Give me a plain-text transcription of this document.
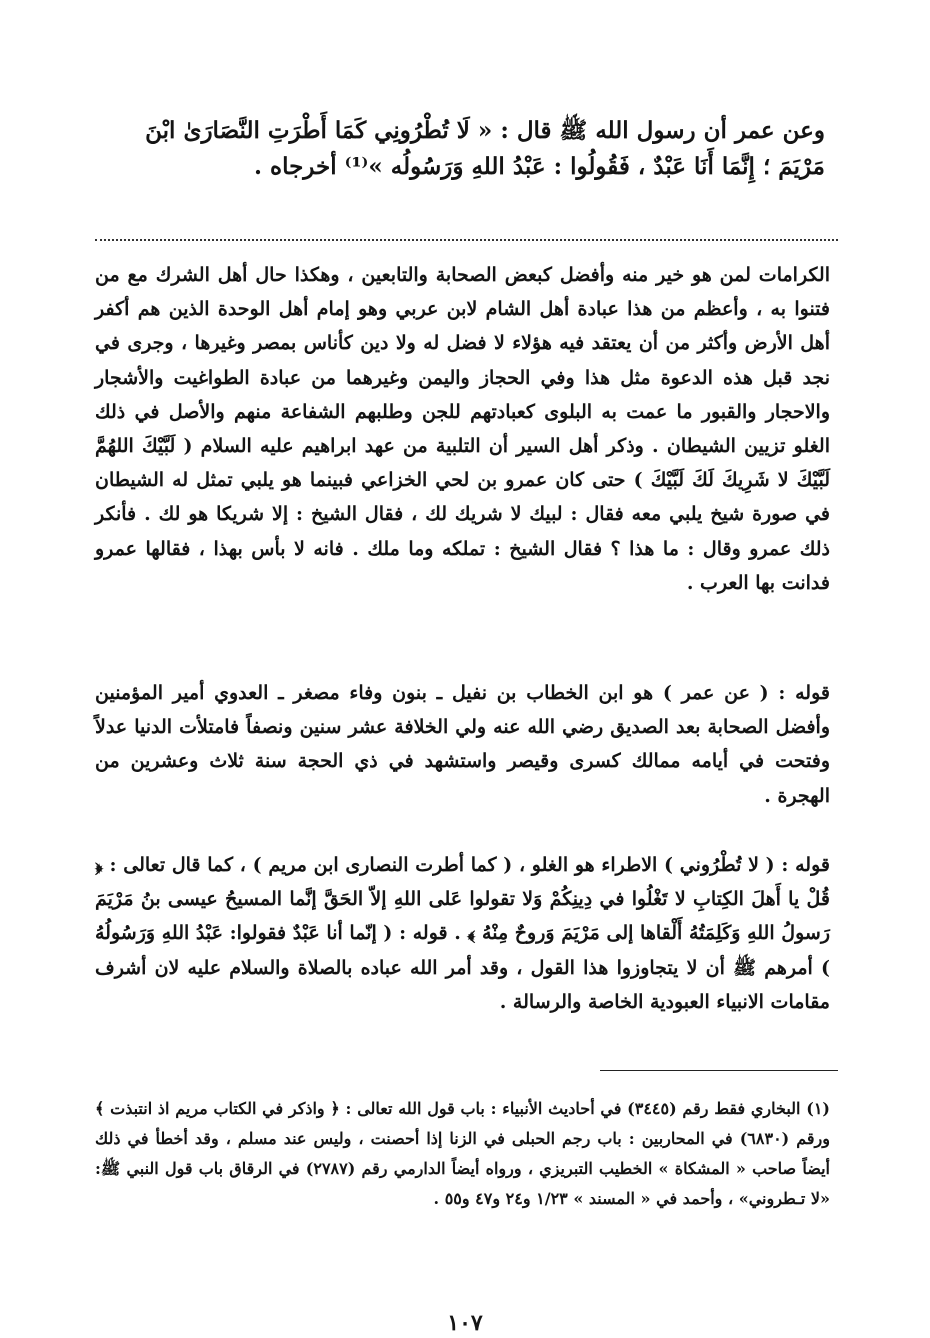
وعن عمر أن رسول الله ﷺ قال : « لَا تُطْرُونِي كَمَا أَطْرَتِ النَّصَارَىٰ ابْنَ

مَرْيَمَ ؛ إِنَّمَا أَنَا عَبْدٌ ، فَقُولُوا : عَبْدُ اللهِ وَرَسُولُه »⁽¹⁾ أخرجاه .

الكرامات لمن هو خير منه وأفضل كبعض الصحابة والتابعين ، وهكذا حال أهل الشرك مع من فتنوا به ، وأعظم من هذا عبادة أهل الشام لابن عربي وهو إمام أهل الوحدة الذين هم أكفر أهل الأرض وأكثر من أن يعتقد فيه هؤلاء لا فضل له ولا دين كأناس بمصر وغيرها ، وجرى في نجد قبل هذه الدعوة مثل هذا وفي الحجاز واليمن وغيرهما من عبادة الطواغيت والأشجار والاحجار والقبور ما عمت به البلوى كعبادتهم للجن وطلبهم الشفاعة منهم والأصل في ذلك الغلو تزيين الشيطان . وذكر أهل السير أن التلبية من عهد ابراهيم عليه السلام ( لَبَّيْكَ اللهُمَّ لَبَّيْكَ لا شَرِيكَ لَكَ لَبَّيْكَ ) حتى كان عمرو بن لحي الخزاعي فبينما هو يلبي تمثل له الشيطان في صورة شيخ يلبي معه فقال : لبيك لا شريك لك ، فقال الشيخ : إلا شريكا هو لك . فأنكر ذلك عمرو وقال : ما هذا ؟ فقال الشيخ : تملكه وما ملك . فانه لا بأس بهذا ، فقالها عمرو فدانت بها العرب .

قوله : ( عن عمر ) هو ابن الخطاب بن نفيل ـ بنون وفاء مصغر ـ العدوي أمير المؤمنين وأفضل الصحابة بعد الصديق رضي الله عنه ولي الخلافة عشر سنين ونصفاً فامتلأت الدنيا عدلاً وفتحت في أيامه ممالك كسرى وقيصر واستشهد في ذي الحجة سنة ثلاث وعشرين من الهجرة .

قوله : ( لا تُطْرُوني ) الاطراء هو الغلو ، ( كما أطرت النصارى ابن مريم ) ، كما قال تعالى : ﴿ قُلْ يا أَهلَ الكِتابِ لا تَغْلُوا في دِينِكُمْ وَلا تقولوا عَلى اللهِ إلاّ الحَقَّ إنَّما المسيحُ عيسى بنُ مَرْيَمَ رَسولُ اللهِ وَكَلِمَتُهُ أَلْقاها إلى مَرْيَمَ وَروحٌ مِنْهُ ﴾ . قوله : ( إنّما أنا عَبْدٌ فقولوا: عَبْدُ اللهِ وَرَسُولُهُ ) أمرهم ﷺ أن لا يتجاوزوا هذا القول ، وقد أمر الله عباده بالصلاة والسلام عليه لان أشرف مقامات الانبياء العبودية الخاصة والرسالة .

(١) البخاري فقط رقم (٣٤٤٥) في أحاديث الأنبياء : باب قول الله تعالى : ﴿ واذكر في الكتاب مريم اذ انتبذت ﴾ ورقم (٦٨٣٠) في المحاربين : باب رجم الحبلى في الزنا إذا أحصنت ، وليس عند مسلم ، وقد أخطأ في ذلك أيضاً صاحب « المشكاة » الخطيب التبريزي ، ورواه أيضاً الدارمي رقم (٢٧٨٧) في الرقاق باب قول النبي ﷺ: «لا تـطروني» ، وأحمد في « المسند » ١/٢٣ و٢٤ و٤٧ و٥٥ .
١٠٧
